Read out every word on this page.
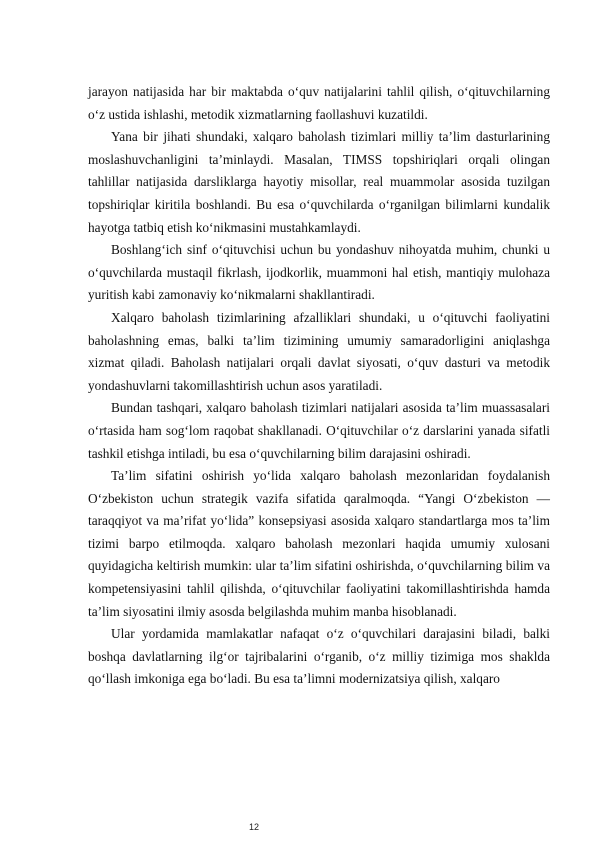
jarayon natijasida har bir maktabda o‘quv natijalarini tahlil qilish, o‘qituvchilarning o‘z ustida ishlashi, metodik xizmatlarning faollashuvi kuzatildi.

Yana bir jihati shundaki, xalqaro baholash tizimlari milliy ta’lim dasturlarining moslashuvchanligini ta’minlaydi. Masalan, TIMSS topshiriqlari orqali olingan tahlillar natijasida darsliklarga hayotiy misollar, real muammolar asosida tuzilgan topshiriqlar kiritila boshlandi. Bu esa o‘quvchilarda o‘rganilgan bilimlarni kundalik hayotga tatbiq etish ko‘nikmasini mustahkamlaydi.

Boshlang‘ich sinf o‘qituvchisi uchun bu yondashuv nihoyatda muhim, chunki u o‘quvchilarda mustaqil fikrlash, ijodkorlik, muammoni hal etish, mantiqiy mulohaza yuritish kabi zamonaviy ko‘nikmalarni shakllantiradi.

Xalqaro baholash tizimlarining afzalliklari shundaki, u o‘qituvchi faoliyatini baholashning emas, balki ta’lim tizimining umumiy samaradorligini aniqlashga xizmat qiladi. Baholash natijalari orqali davlat siyosati, o‘quv dasturi va metodik yondashuvlarni takomillashtirish uchun asos yaratiladi.

Bundan tashqari, xalqaro baholash tizimlari natijalari asosida ta’lim muassasalari o‘rtasida ham sog‘lom raqobat shakllanadi. O‘qituvchilar o‘z darslarini yanada sifatli tashkil etishga intiladi, bu esa o‘quvchilarning bilim darajasini oshiradi.

Ta’lim sifatini oshirish yo‘lida xalqaro baholash mezonlaridan foydalanish O‘zbekiston uchun strategik vazifa sifatida qaralmoqda. “Yangi O‘zbekiston — taraqqiyot va ma’rifat yo‘lida” konsepsiyasi asosida xalqaro standartlarga mos ta’lim tizimi barpo etilmoqda. xalqaro baholash mezonlari haqida umumiy xulosani quyidagicha keltirish mumkin: ular ta’lim sifatini oshirishda, o‘quvchilarning bilim va kompetensiyasini tahlil qilishda, o‘qituvchilar faoliyatini takomillashtirishda hamda ta’lim siyosatini ilmiy asosda belgilashda muhim manba hisoblanadi.

Ular yordamida mamlakatlar nafaqat o‘z o‘quvchilari darajasini biladi, balki boshqa davlatlarning ilg‘or tajribalarini o‘rganib, o‘z milliy tizimiga mos shaklda qo‘llash imkoniga ega bo‘ladi. Bu esa ta’limni modernizatsiya qilish, xalqaro

12
